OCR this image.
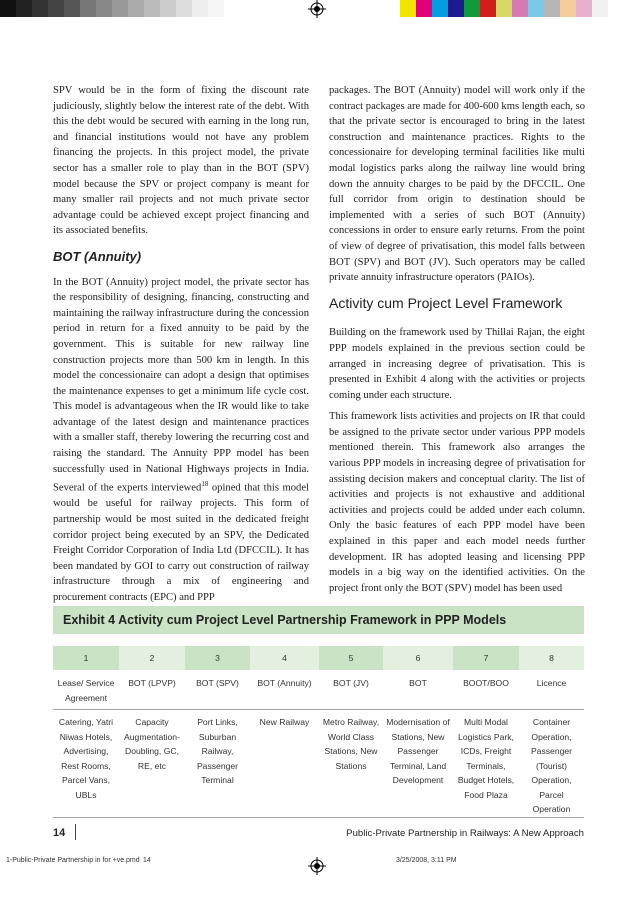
SPV would be in the form of fixing the discount rate judiciously, slightly below the interest rate of the debt. With this the debt would be secured with earning in the long run, and financial institutions would not have any problem financing the projects. In this project model, the private sector has a smaller role to play than in the BOT (SPV) model because the SPV or project company is meant for many smaller rail projects and not much private sector advantage could be achieved except project financing and its associated benefits.

BOT (Annuity)

In the BOT (Annuity) project model, the private sector has the responsibility of designing, financing, constructing and maintaining the railway infrastructure during the concession period in return for a fixed annuity to be paid by the government. This is suitable for new railway line construction projects more than 500 km in length. In this model the concessionaire can adopt a design that optimises the maintenance expenses to get a minimum life cycle cost. This model is advantageous when the IR would like to take advantage of the latest design and maintenance practices with a smaller staff, thereby lowering the recurring cost and raising the standard. The Annuity PPP model has been successfully used in National Highways projects in India. Several of the experts interviewed$^{18}$ opined that this model would be useful for railway projects. This form of partnership would be most suited in the dedicated freight corridor project being executed by an SPV, the Dedicated Freight Corridor Corporation of India Ltd (DFCCIL). It has been mandated by GOI to carry out construction of railway infrastructure through a mix of engineering and procurement contracts (EPC) and PPP

packages. The BOT (Annuity) model will work only if the contract packages are made for 400-600 kms length each, so that the private sector is encouraged to bring in the latest construction and maintenance practices. Rights to the concessionaire for developing terminal facilities like multi modal logistics parks along the railway line would bring down the annuity charges to be paid by the DFCCIL. One full corridor from origin to destination should be implemented with a series of such BOT (Annuity) concessions in order to ensure early returns. From the point of view of degree of privatisation, this model falls between BOT (SPV) and BOT (JV). Such operators may be called private annuity infrastructure operators (PAIOs).

Activity cum Project Level Framework

Building on the framework used by Thillai Rajan, the eight PPP models explained in the previous section could be arranged in increasing degree of privatisation. This is presented in Exhibit 4 along with the activities or projects coming under each structure.

This framework lists activities and projects on IR that could be assigned to the private sector under various PPP models mentioned therein. This framework also arranges the various PPP models in increasing degree of privatisation for assisting decision makers and conceptual clarity. The list of activities and projects is not exhaustive and additional activities and projects could be added under each column. Only the basic features of each PPP model have been explained in this paper and each model needs further development. IR has adopted leasing and licensing PPP models in a big way on the identified activities. On the project front only the BOT (SPV) model has been used

Exhibit 4 Activity cum Project Level Partnership Framework in PPP Models
1	2	3	4	5	6	7	8
Lease/ Service Agreement	BOT (LPVP)	BOT (SPV)	BOT (Annuity)	BOT (JV)	BOT	BOOT/BOO	Licence
Catering, Yatri Niwas Hotels, Advertising, Rest Rooms, Parcel Vans, UBLs	Capacity Augmentation- Doubling, GC, RE, etc	Port Links, Suburban Railway, Passenger Terminal	New Railway	Metro Railway, World Class Stations, New Stations	Modernisation of Stations, New Passenger Terminal, Land Development	Multi Modal Logistics Park, ICDs, Freight Terminals, Budget Hotels, Food Plaza	Container Operation, Passenger (Tourist) Operation, Parcel Operation
14	Public-Private Partnership in Railways: A New Approach
1-Public-Private Partnership in for +ve.pmd 14	3/25/2008, 3:11 PM
